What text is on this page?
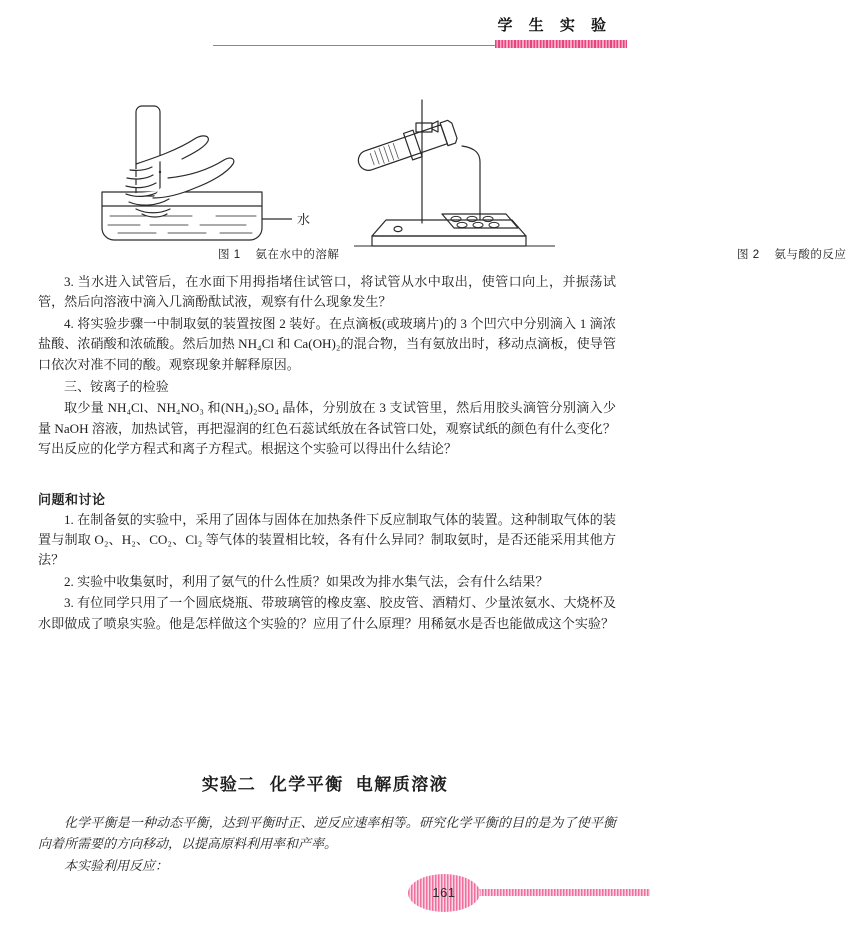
学 生 实 验
水
图 1 氨在水中的溶解	图 2 氨与酸的反应

3. 当水进入试管后，在水面下用拇指堵住试管口，将试管从水中取出，使管口向上，并振荡试管，然后向溶液中滴入几滴酚酞试液，观察有什么现象发生？

4. 将实验步骤一中制取氨的装置按图 2 装好。在点滴板(或玻璃片)的 3 个凹穴中分别滴入 1 滴浓盐酸、浓硝酸和浓硫酸。然后加热 NH₄Cl 和 Ca(OH)₂的混合物，当有氨放出时，移动点滴板，使导管口依次对准不同的酸。观察现象并解释原因。

三、铵离子的检验

取少量 NH₄Cl、NH₄NO₃ 和(NH₄)₂SO₄ 晶体，分别放在 3 支试管里，然后用胶头滴管分别滴入少量 NaOH 溶液，加热试管，再把湿润的红色石蕊试纸放在各试管口处，观察试纸的颜色有什么变化？写出反应的化学方程式和离子方程式。根据这个实验可以得出什么结论？

问题和讨论

1. 在制备氨的实验中，采用了固体与固体在加热条件下反应制取气体的装置。这种制取气体的装置与制取 O₂、H₂、CO₂、Cl₂ 等气体的装置相比较，各有什么异同？制取氨时，是否还能采用其他方法？

2. 实验中收集氨时，利用了氨气的什么性质？如果改为排水集气法，会有什么结果？

3. 有位同学只用了一个圆底烧瓶、带玻璃管的橡皮塞、胶皮管、酒精灯、少量浓氨水、大烧杯及水即做成了喷泉实验。他是怎样做这个实验的？应用了什么原理？用稀氨水是否也能做成这个实验？

实验二 化学平衡 电解质溶液

化学平衡是一种动态平衡，达到平衡时正、逆反应速率相等。研究化学平衡的目的是为了使平衡向着所需要的方向移动，以提高原料利用率和产率。

本实验利用反应：

161
